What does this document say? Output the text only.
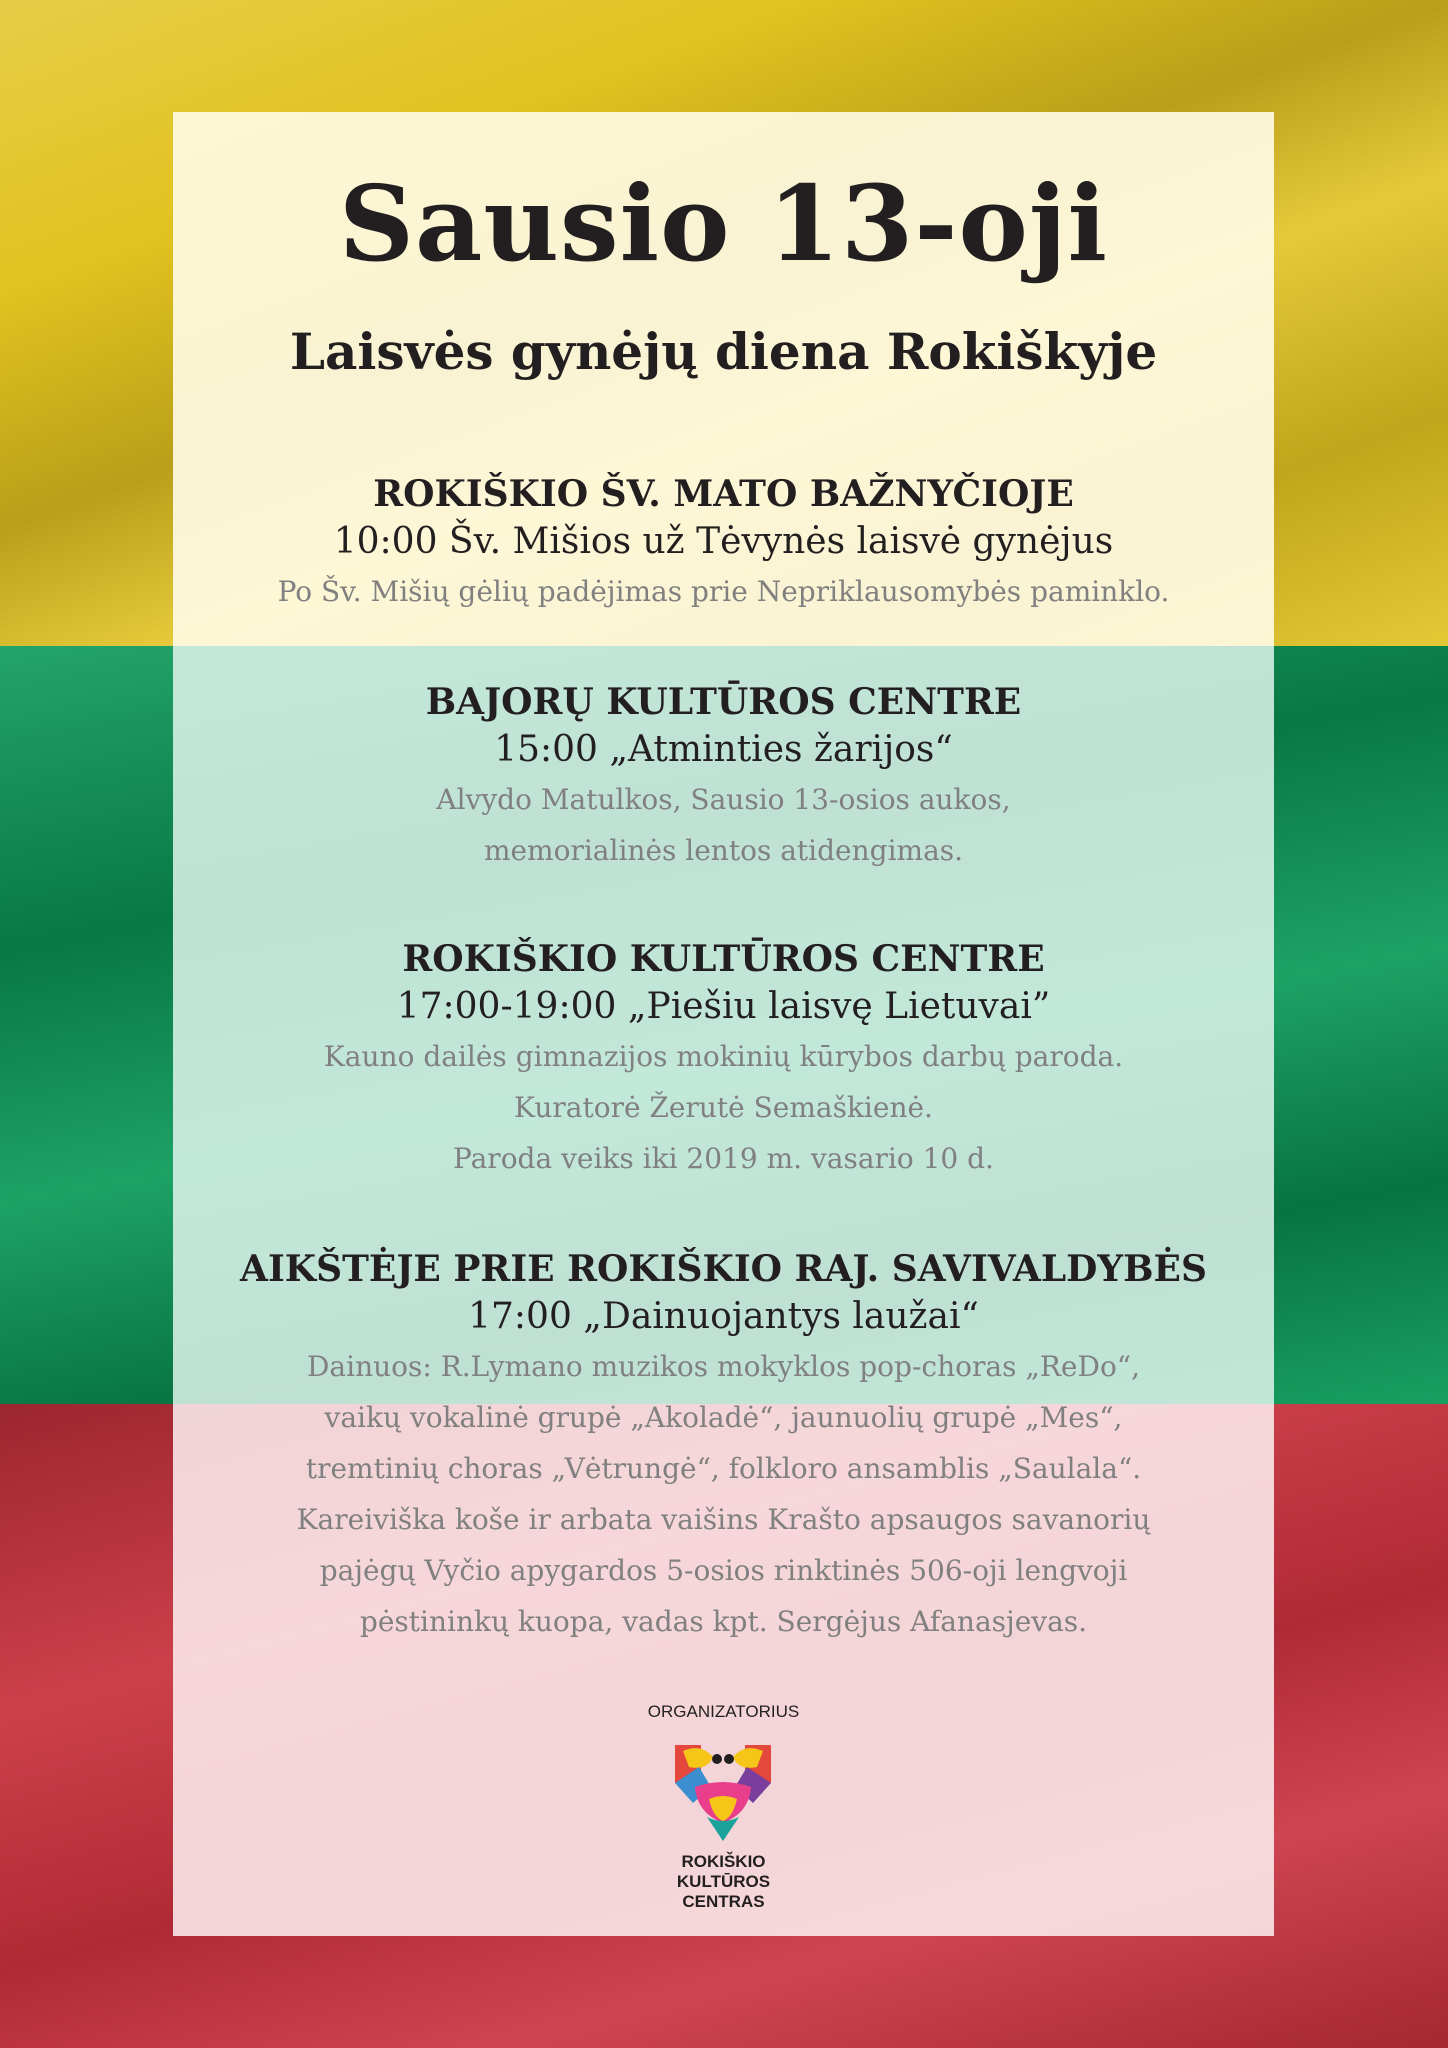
Sausio 13-oji
Laisvės gynėjų diena Rokiškyje
ROKIŠKIO ŠV. MATO BAŽNYČIOJE
10:00 Šv. Mišios už Tėvynės laisvė gynėjus
Po Šv. Mišių gėlių padėjimas prie Nepriklausomybės paminklo.
BAJORŲ KULTŪROS CENTRE
15:00 „Atminties žarijos“
Alvydo Matulkos, Sausio 13-osios aukos,
memorialinės lentos atidengimas.
ROKIŠKIO KULTŪROS CENTRE
17:00-19:00 „Piešiu laisvę Lietuvai”
Kauno dailės gimnazijos mokinių kūrybos darbų paroda.
Kuratorė Žerutė Semaškienė.
Paroda veiks iki 2019 m. vasario 10 d.
AIKŠTĖJE PRIE ROKIŠKIO RAJ. SAVIVALDYBĖS
17:00 „Dainuojantys laužai“
Dainuos: R.Lymano muzikos mokyklos pop-choras „ReDo“,
vaikų vokalinė grupė „Akoladė“, jaunuolių grupė „Mes“,
tremtinių choras „Vėtrungė“, folkloro ansamblis „Saulala“.
Kareiviška koše ir arbata vaišins Krašto apsaugos savanorių
pajėgų Vyčio apygardos 5-osios rinktinės 506-oji lengvoji
pėstininkų kuopa, vadas kpt. Sergėjus Afanasjevas.
ORGANIZATORIUS
ROKIŠKIO
KULTŪROS
CENTRAS
